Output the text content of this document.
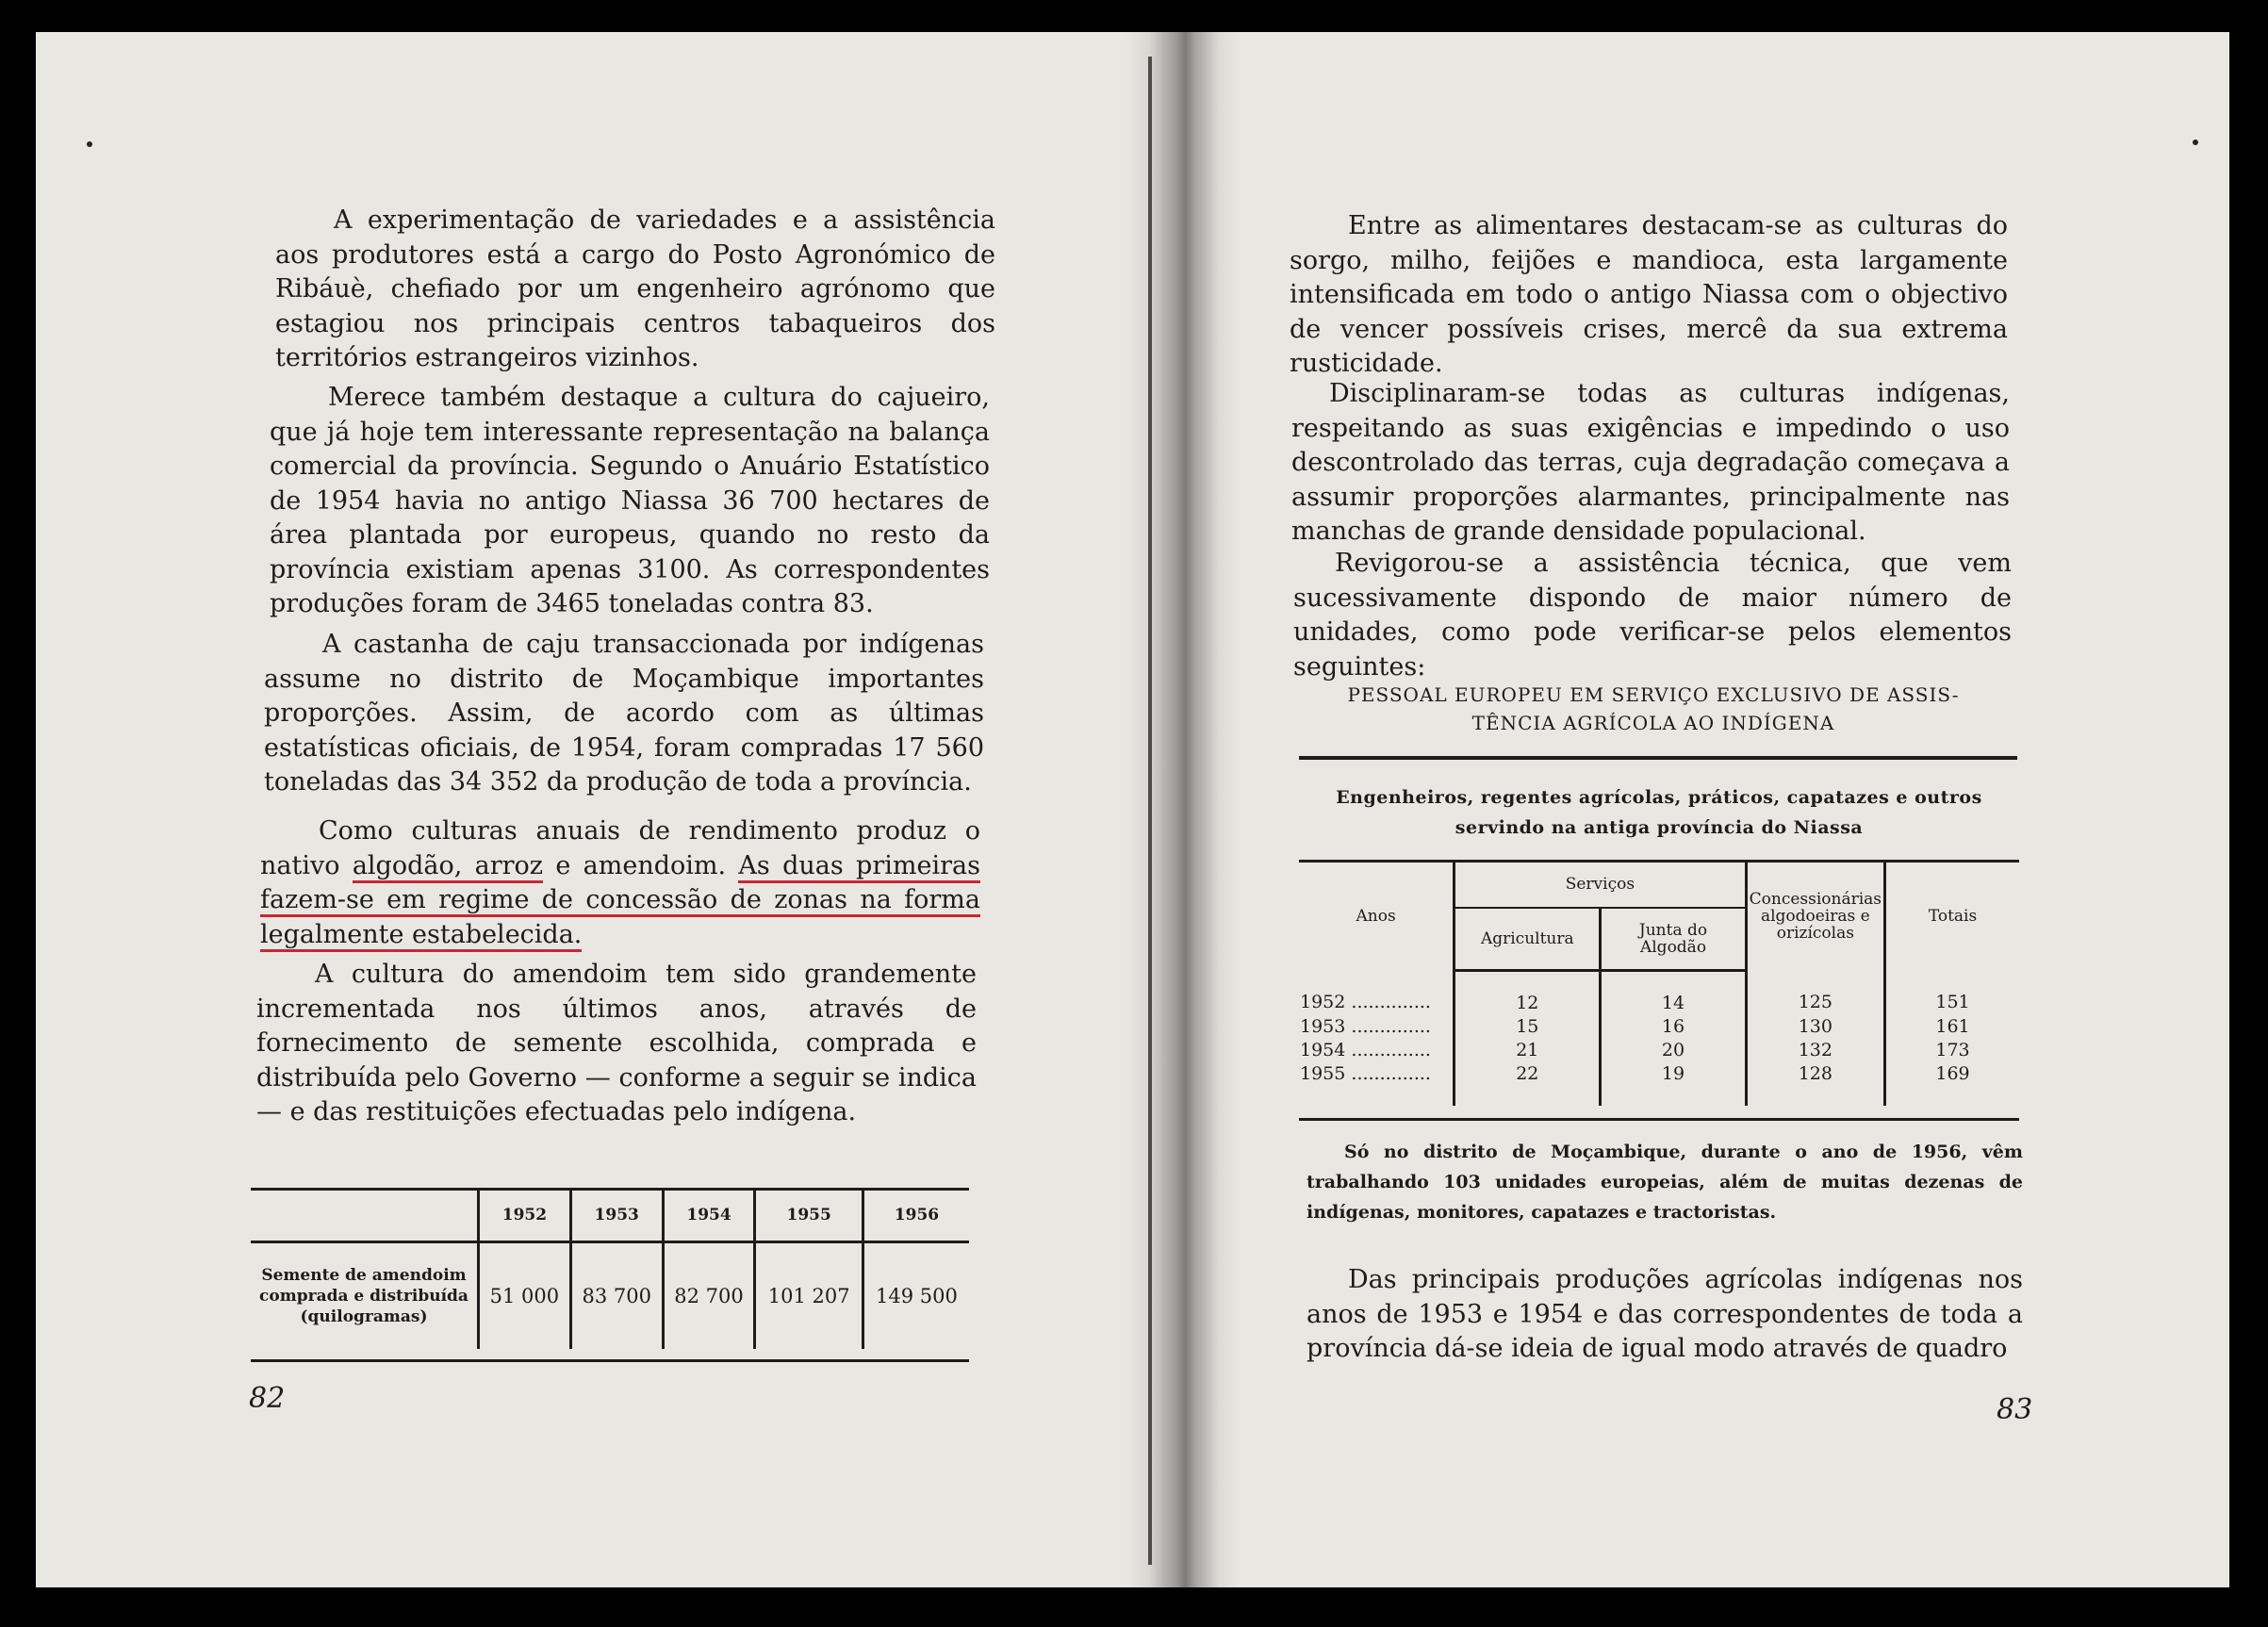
A experimentação de variedades e a assistência aos produtores está a cargo do Posto Agronómico de Ribáuè, chefiado por um engenheiro agrónomo que estagiou nos principais centros tabaqueiros dos territórios estrangeiros vizinhos.

Merece também destaque a cultura do cajueiro, que já hoje tem interessante representação na balança comercial da província. Segundo o Anuário Estatístico de 1954 havia no antigo Niassa 36 700 hectares de área plantada por europeus, quando no resto da província existiam apenas 3100. As correspondentes produções foram de 3465 toneladas contra 83.

A castanha de caju transaccionada por indígenas assume no distrito de Moçambique importantes proporções. Assim, de acordo com as últimas estatísticas oficiais, de 1954, foram compradas 17 560 toneladas das 34 352 da produção de toda a província.

Como culturas anuais de rendimento produz o nativo algodão, arroz e amendoim. As duas primeiras fazem-se em regime de concessão de zonas na forma legalmente estabelecida.

A cultura do amendoim tem sido grandemente incrementada nos últimos anos, através de fornecimento de semente escolhida, comprada e distribuída pelo Governo — conforme a seguir se indica — e das restituições efectuadas pelo indígena.

	1952	1953	1954	1955	1956
Semente de amendoim comprada e distribuída (quilogramas)	51 000	83 700	82 700	101 207	149 500
82

Entre as alimentares destacam-se as culturas do sorgo, milho, feijões e mandioca, esta largamente intensificada em todo o antigo Niassa com o objectivo de vencer possíveis crises, mercê da sua extrema rusticidade.

Disciplinaram-se todas as culturas indígenas, respeitando as suas exigências e impedindo o uso descontrolado das terras, cuja degradação começava a assumir proporções alarmantes, principalmente nas manchas de grande densidade populacional.

Revigorou-se a assistência técnica, que vem sucessivamente dispondo de maior número de unidades, como pode verificar-se pelos elementos seguintes:

PESSOAL EUROPEU EM SERVIÇO EXCLUSIVO DE ASSIS-
TÊNCIA AGRÍCOLA AO INDÍGENA
Engenheiros, regentes agrícolas, práticos, capatazes e outros
servindo na antiga província do Niassa
Anos	Serviços		Concessionárias algodoeiras e orizícolas	Totais
	Agricultura	Junta do Algodão		
1952 ..............	12	14	125	151
1953 ..............	15	16	130	161
1954 ..............	21	20	132	173
1955 ..............	22	19	128	169

Só no distrito de Moçambique, durante o ano de 1956, vêm trabalhando 103 unidades europeias, além de muitas dezenas de indígenas, monitores, capatazes e tractoristas.

Das principais produções agrícolas indígenas nos anos de 1953 e 1954 e das correspondentes de toda a província dá-se ideia de igual modo através de quadro

83
